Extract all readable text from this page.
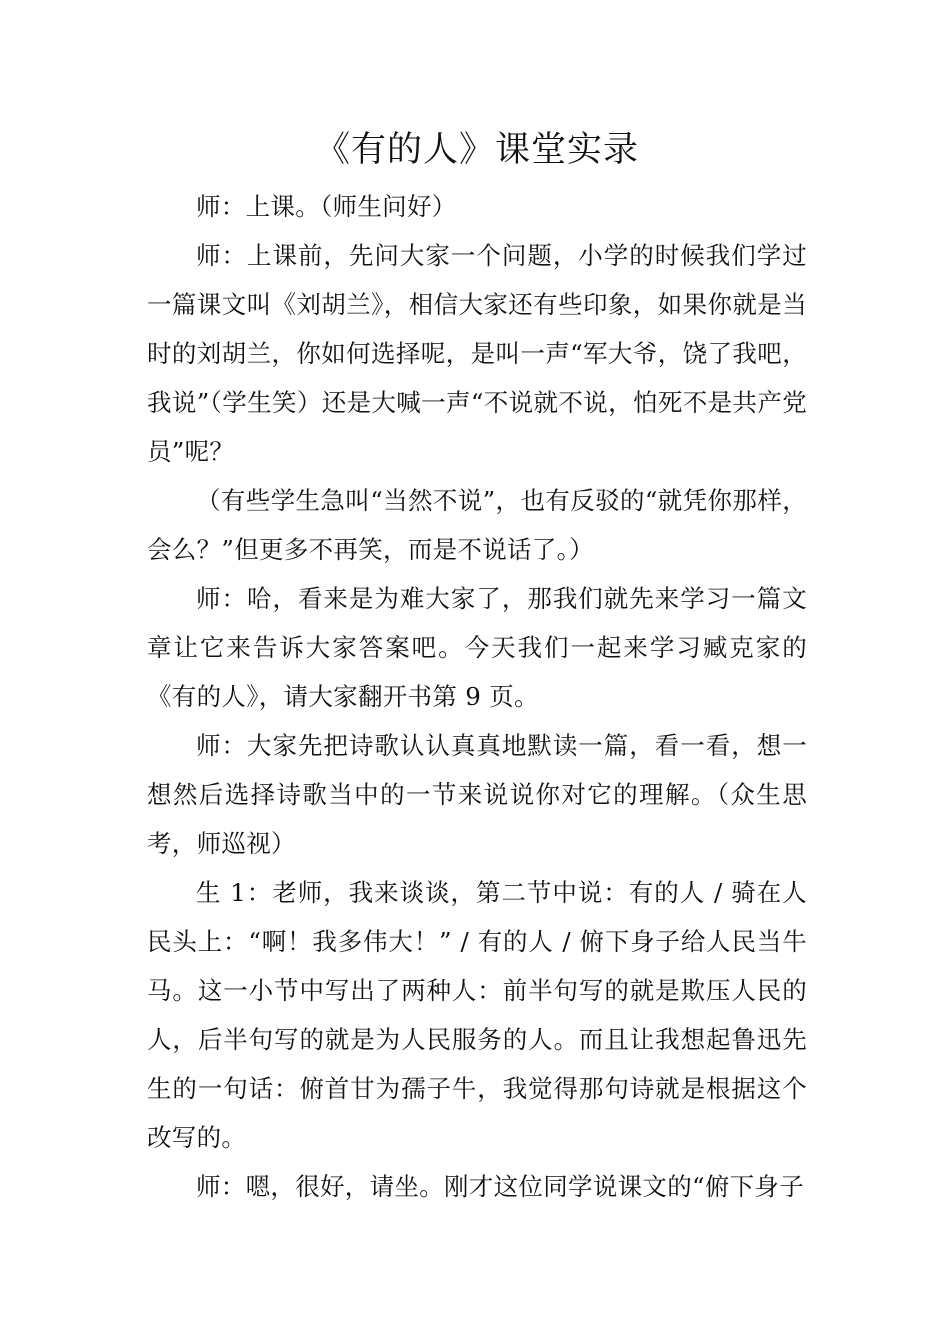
《有的人》课堂实录

师：上课。（师生问好）

师：上课前，先问大家一个问题，小学的时候我们学过一篇课文叫《刘胡兰》，相信大家还有些印象，如果你就是当时的刘胡兰，你如何选择呢，是叫一声“军大爷，饶了我吧，我说”（学生笑）还是大喊一声“不说就不说，怕死不是共产党员”呢？

（有些学生急叫“当然不说”，也有反驳的“就凭你那样，会么？”但更多不再笑，而是不说话了。）

师：哈，看来是为难大家了，那我们就先来学习一篇文章让它来告诉大家答案吧。今天我们一起来学习臧克家的《有的人》，请大家翻开书第 9 页。

师：大家先把诗歌认认真真地默读一篇，看一看，想一想然后选择诗歌当中的一节来说说你对它的理解。（众生思考，师巡视）

生 1：老师，我来谈谈，第二节中说：有的人 / 骑在人民头上：“啊！我多伟大！” / 有的人 / 俯下身子给人民当牛马。这一小节中写出了两种人：前半句写的就是欺压人民的人，后半句写的就是为人民服务的人。而且让我想起鲁迅先生的一句话：俯首甘为孺子牛，我觉得那句诗就是根据这个改写的。

师：嗯，很好，请坐。刚才这位同学说课文的“俯下身子
